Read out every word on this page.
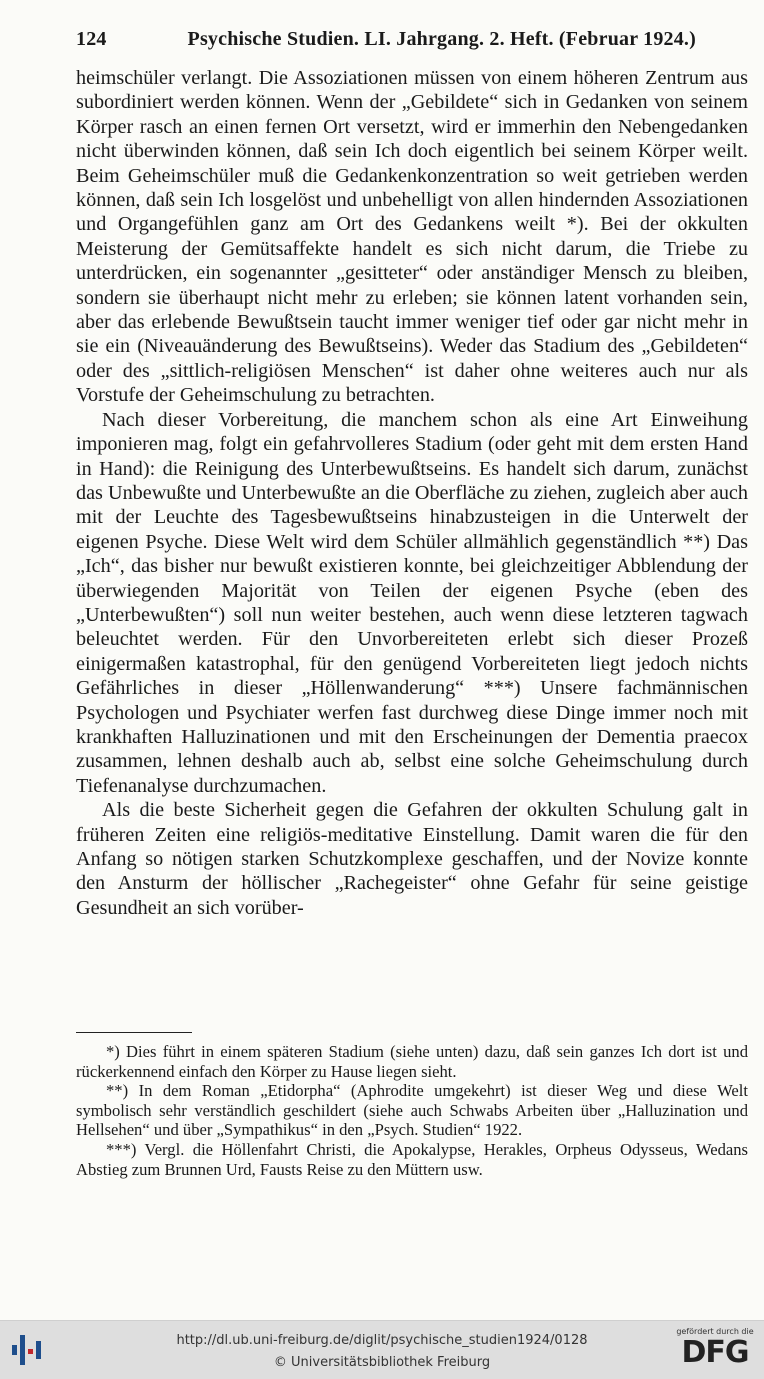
124	Psychische Studien. LI. Jahrgang. 2. Heft. (Februar 1924.)

heimschüler verlangt. Die Assoziationen müssen von einem höheren Zentrum aus subordiniert werden können. Wenn der „Gebildete“ sich in Gedanken von seinem Körper rasch an einen fernen Ort versetzt, wird er immerhin den Nebengedanken nicht überwinden können, daß sein Ich doch eigentlich bei seinem Körper weilt. Beim Geheimschüler muß die Gedankenkonzentration so weit getrieben werden können, daß sein Ich losgelöst und unbehelligt von allen hindernden Assoziationen und Organgefühlen ganz am Ort des Gedankens weilt *). Bei der okkulten Meisterung der Gemütsaffekte handelt es sich nicht darum, die Triebe zu unterdrücken, ein sogenannter „gesitteter“ oder anständiger Mensch zu bleiben, sondern sie überhaupt nicht mehr zu erleben; sie können latent vorhanden sein, aber das erlebende Bewußtsein taucht immer weniger tief oder gar nicht mehr in sie ein (Niveauänderung des Bewußtseins). Weder das Stadium des „Gebildeten“ oder des „sittlich-religiösen Menschen“ ist daher ohne weiteres auch nur als Vorstufe der Geheimschulung zu betrachten.

Nach dieser Vorbereitung, die manchem schon als eine Art Einweihung imponieren mag, folgt ein gefahrvolleres Stadium (oder geht mit dem ersten Hand in Hand): die Reinigung des Unterbewußtseins. Es handelt sich darum, zunächst das Unbewußte und Unterbewußte an die Oberfläche zu ziehen, zugleich aber auch mit der Leuchte des Tagesbewußtseins hinabzusteigen in die Unterwelt der eigenen Psyche. Diese Welt wird dem Schüler allmählich gegenständlich **) Das „Ich“, das bisher nur bewußt existieren konnte, bei gleichzeitiger Abblendung der überwiegenden Majorität von Teilen der eigenen Psyche (eben des „Unterbewußten“) soll nun weiter bestehen, auch wenn diese letzteren tagwach beleuchtet werden. Für den Unvorbereiteten erlebt sich dieser Prozeß einigermaßen katastrophal, für den genügend Vorbereiteten liegt jedoch nichts Gefährliches in dieser „Höllenwanderung“ ***) Unsere fachmännischen Psychologen und Psychiater werfen fast durchweg diese Dinge immer noch mit krankhaften Halluzinationen und mit den Erscheinungen der Dementia praecox zusammen, lehnen deshalb auch ab, selbst eine solche Geheimschulung durch Tiefenanalyse durchzumachen.

Als die beste Sicherheit gegen die Gefahren der okkulten Schulung galt in früheren Zeiten eine religiös-meditative Einstellung. Damit waren die für den Anfang so nötigen starken Schutzkomplexe geschaffen, und der Novize konnte den Ansturm der höllischer „Rachegeister“ ohne Gefahr für seine geistige Gesundheit an sich vorüber-

*) Dies führt in einem späteren Stadium (siehe unten) dazu, daß sein ganzes Ich dort ist und rückerkennend einfach den Körper zu Hause liegen sieht.

**) In dem Roman „Etidorpha“ (Aphrodite umgekehrt) ist dieser Weg und diese Welt symbolisch sehr verständlich geschildert (siehe auch Schwabs Arbeiten über „Halluzination und Hellsehen“ und über „Sympathikus“ in den „Psych. Studien“ 1922.

***) Vergl. die Höllenfahrt Christi, die Apokalypse, Herakles, Orpheus Odysseus, Wedans Abstieg zum Brunnen Urd, Fausts Reise zu den Müttern usw.

http://dl.ub.uni-freiburg.de/diglit/psychische_studien1924/0128
© Universitätsbibliothek Freiburg
gefördert durch die
DFG
